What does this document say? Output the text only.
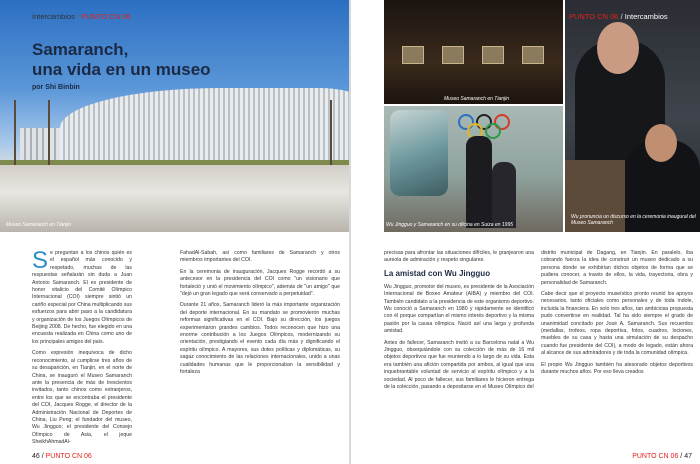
Intercambios / PUNTO CN 06
Samaranch,
una vida en un museo
por Shi Binbin
Museo Samaranch en Tianjin

Se preguntan a los chinos quién es el español más conocido y respetado, muchas de las respuestas señalarán sin duda a Juan Antonio Samaranch. El ex presidente de honor vitalicio del Comité Olímpico Internacional (COI) siempre sintió un cariño especial por China multiplicando sus esfuerzos para abrir paso a la candidatura y organización de los Juegos Olímpicos de Beijing 2008. De hecho, fue elegido en una encuesta realizada en China como uno de los principales amigos del país.

Como expresión inequívoca de dicho reconocimiento, al cumplirse tres años de su desaparición, en Tianjin, en el norte de China, se inauguró el Museo Samaranch ante la presencia de más de trescientos invitados, tanto chinos como extranjeros, entre los que se encontraba el presidente del COI, Jacques Rogge, el director de la Administración Nacional de Deportes de China, Liu Peng; el fundador del museo, Wu Jingguo; el presidente del Consejo Olímpico de Asia, el jeque SheikhAhmadAl-

FahadAl-Sabah, así como familiares de Samaranch y otros miembros importantes del COI.

En la ceremonia de inauguración, Jacques Rogge recordó a su antecesor en la presidencia del COI como "un visionario que fortaleció y unió el movimiento olímpico", además de "un amigo" que "dejó un gran legado que será conservado a perpetuidad".

Durante 21 años, Samaranch lideró la más importante organización del deporte internacional. En su mandato se promovieron muchas reformas significativas en el COI. Bajo su dirección, los juegos experimentaron grandes cambios. Todos reconocen que hizo una enorme contribución a los Juegos Olímpicos, modernizando su orientación, prestigiando el evento cada día más y dignificando el espíritu olímpico. A mayores, sus dotes políticas y diplomáticas, su sagaz conocimiento de las relaciones internacionales, unido a unas cualidades humanas que le proporcionaban la sensibilidad y fortaleza

46 / PUNTO CN 06
Museo Samaranch en Tianjin
Wu Jingguo y Samaranch en su oficina en Suiza en 1995
Wu pronuncia un discurso en la ceremonia inaugural del Museo Samaranch
PUNTO CN 06 / Intercambios

precisas para afrontar las situaciones difíciles, le granjearon una aureola de admiración y respeto singulares.

La amistad con Wu Jingguo

Wu Jingguo, promotor del museo, es presidente de la Asociación Internacional de Boxeo Amateur (AIBA) y miembro del COI. También candidato a la presidencia de este organismo deportivo. Wu conoció a Samaranch en 1980 y rápidamente se identificó con él porque compartían el mismo interés deportivo y la misma pasión por la causa olímpica. Nació así una larga y profunda amistad.

Antes de fallecer, Samaranch invitó a su Barcelona natal a Wu Jingguo, obsequiándole con su colección de más de 16 mil objetos deportivos que fue reuniendo a lo largo de su vida. Esta era también una afición compartida por ambos, al igual que una inquebrantable voluntad de servicio al espíritu olímpico y a la sociedad. Al poco de fallecer, sus familiares le hicieron entrega de la colección, pasando a depositarse en el Museo Olímpico del

distrito municipal de Dagang, en Tianjin. En paralelo, iba cobrando fuerza la idea de construir un museo dedicado a su persona donde se exhibirían dichos objetos de forma que se pudiera conocer, a través de ellos, la vida, trayectoria, obra y personalidad de Samaranch.

Cabe decir que el proyecto museístico pronto reunió los apoyos necesarios, tanto oficiales como personales y de toda índole, incluida la financiera. En solo tres años, tan ambiciosa propuesta pudo convertirse en realidad. Tal ha sido siempre el grado de unanimidad concitado por José A. Samaranch. Sus recuerdos (medallas, trofeos, ropa deportiva, fotos, cuadros, lociones, muebles de su casa y hasta una simulación de su despacho cuando fue presidente del COI), a modo de legado, están ahora al alcance de sus admiradores y de toda la comunidad olímpica.

El propio Wu Jingguo también ha atesorado objetos deportivos durante muchos años. Por eso lleva creados

PUNTO CN 06 / 47
